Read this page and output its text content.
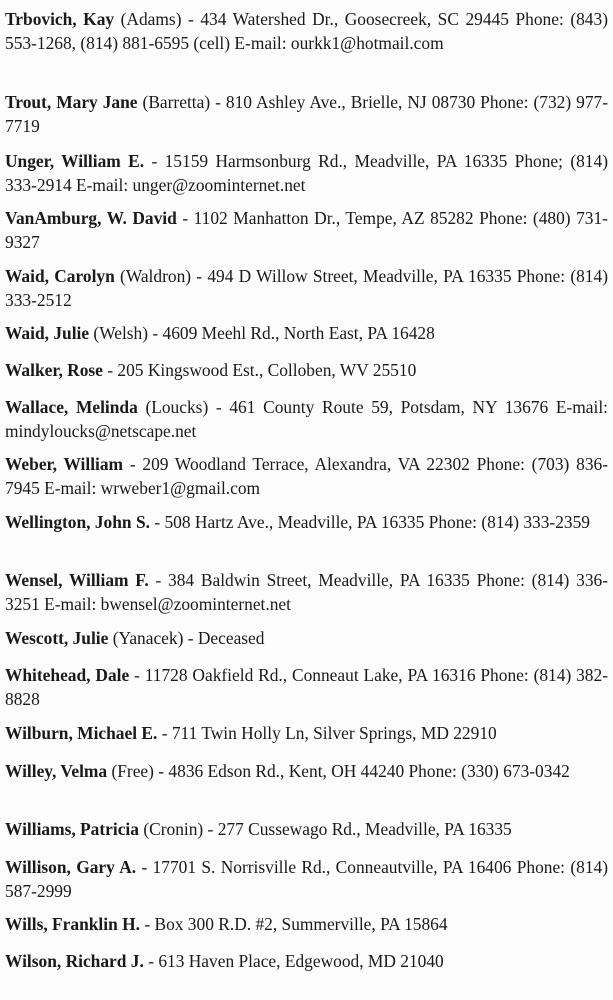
Trbovich, Kay (Adams) - 434 Watershed Dr., Goosecreek, SC 29445 Phone: (843) 553-1268, (814) 881-6595 (cell) E-mail: ourkk1@hotmail.com
Trout, Mary Jane (Barretta) - 810 Ashley Ave., Brielle, NJ 08730 Phone: (732) 977-7719
Unger, William E. - 15159 Harmsonburg Rd., Meadville, PA 16335 Phone; (814) 333-2914 E-mail: unger@zoominternet.net
VanAmburg, W. David - 1102 Manhatton Dr., Tempe, AZ 85282 Phone: (480) 731-9327
Waid, Carolyn (Waldron) - 494 D Willow Street, Meadville, PA 16335 Phone: (814) 333-2512
Waid, Julie (Welsh) - 4609 Meehl Rd., North East, PA 16428
Walker, Rose - 205 Kingswood Est., Colloben, WV 25510
Wallace, Melinda (Loucks) - 461 County Route 59, Potsdam, NY 13676 E-mail: mindyloucks@netscape.net
Weber, William - 209 Woodland Terrace, Alexandra, VA 22302 Phone: (703) 836-7945 E-mail: wrweber1@gmail.com
Wellington, John S. - 508 Hartz Ave., Meadville, PA 16335 Phone: (814) 333-2359
Wensel, William F. - 384 Baldwin Street, Meadville, PA 16335 Phone: (814) 336-3251 E-mail: bwensel@zoominternet.net
Wescott, Julie (Yanacek) - Deceased
Whitehead, Dale - 11728 Oakfield Rd., Conneaut Lake, PA 16316 Phone: (814) 382-8828
Wilburn, Michael E. - 711 Twin Holly Ln, Silver Springs, MD 22910
Willey, Velma (Free) - 4836 Edson Rd., Kent, OH 44240 Phone: (330) 673-0342
Williams, Patricia (Cronin) - 277 Cussewago Rd., Meadville, PA 16335
Willison, Gary A. - 17701 S. Norrisville Rd., Conneautville, PA 16406 Phone: (814) 587-2999
Wills, Franklin H. - Box 300 R.D. #2, Summerville, PA 15864
Wilson, Richard J. - 613 Haven Place, Edgewood, MD 21040
